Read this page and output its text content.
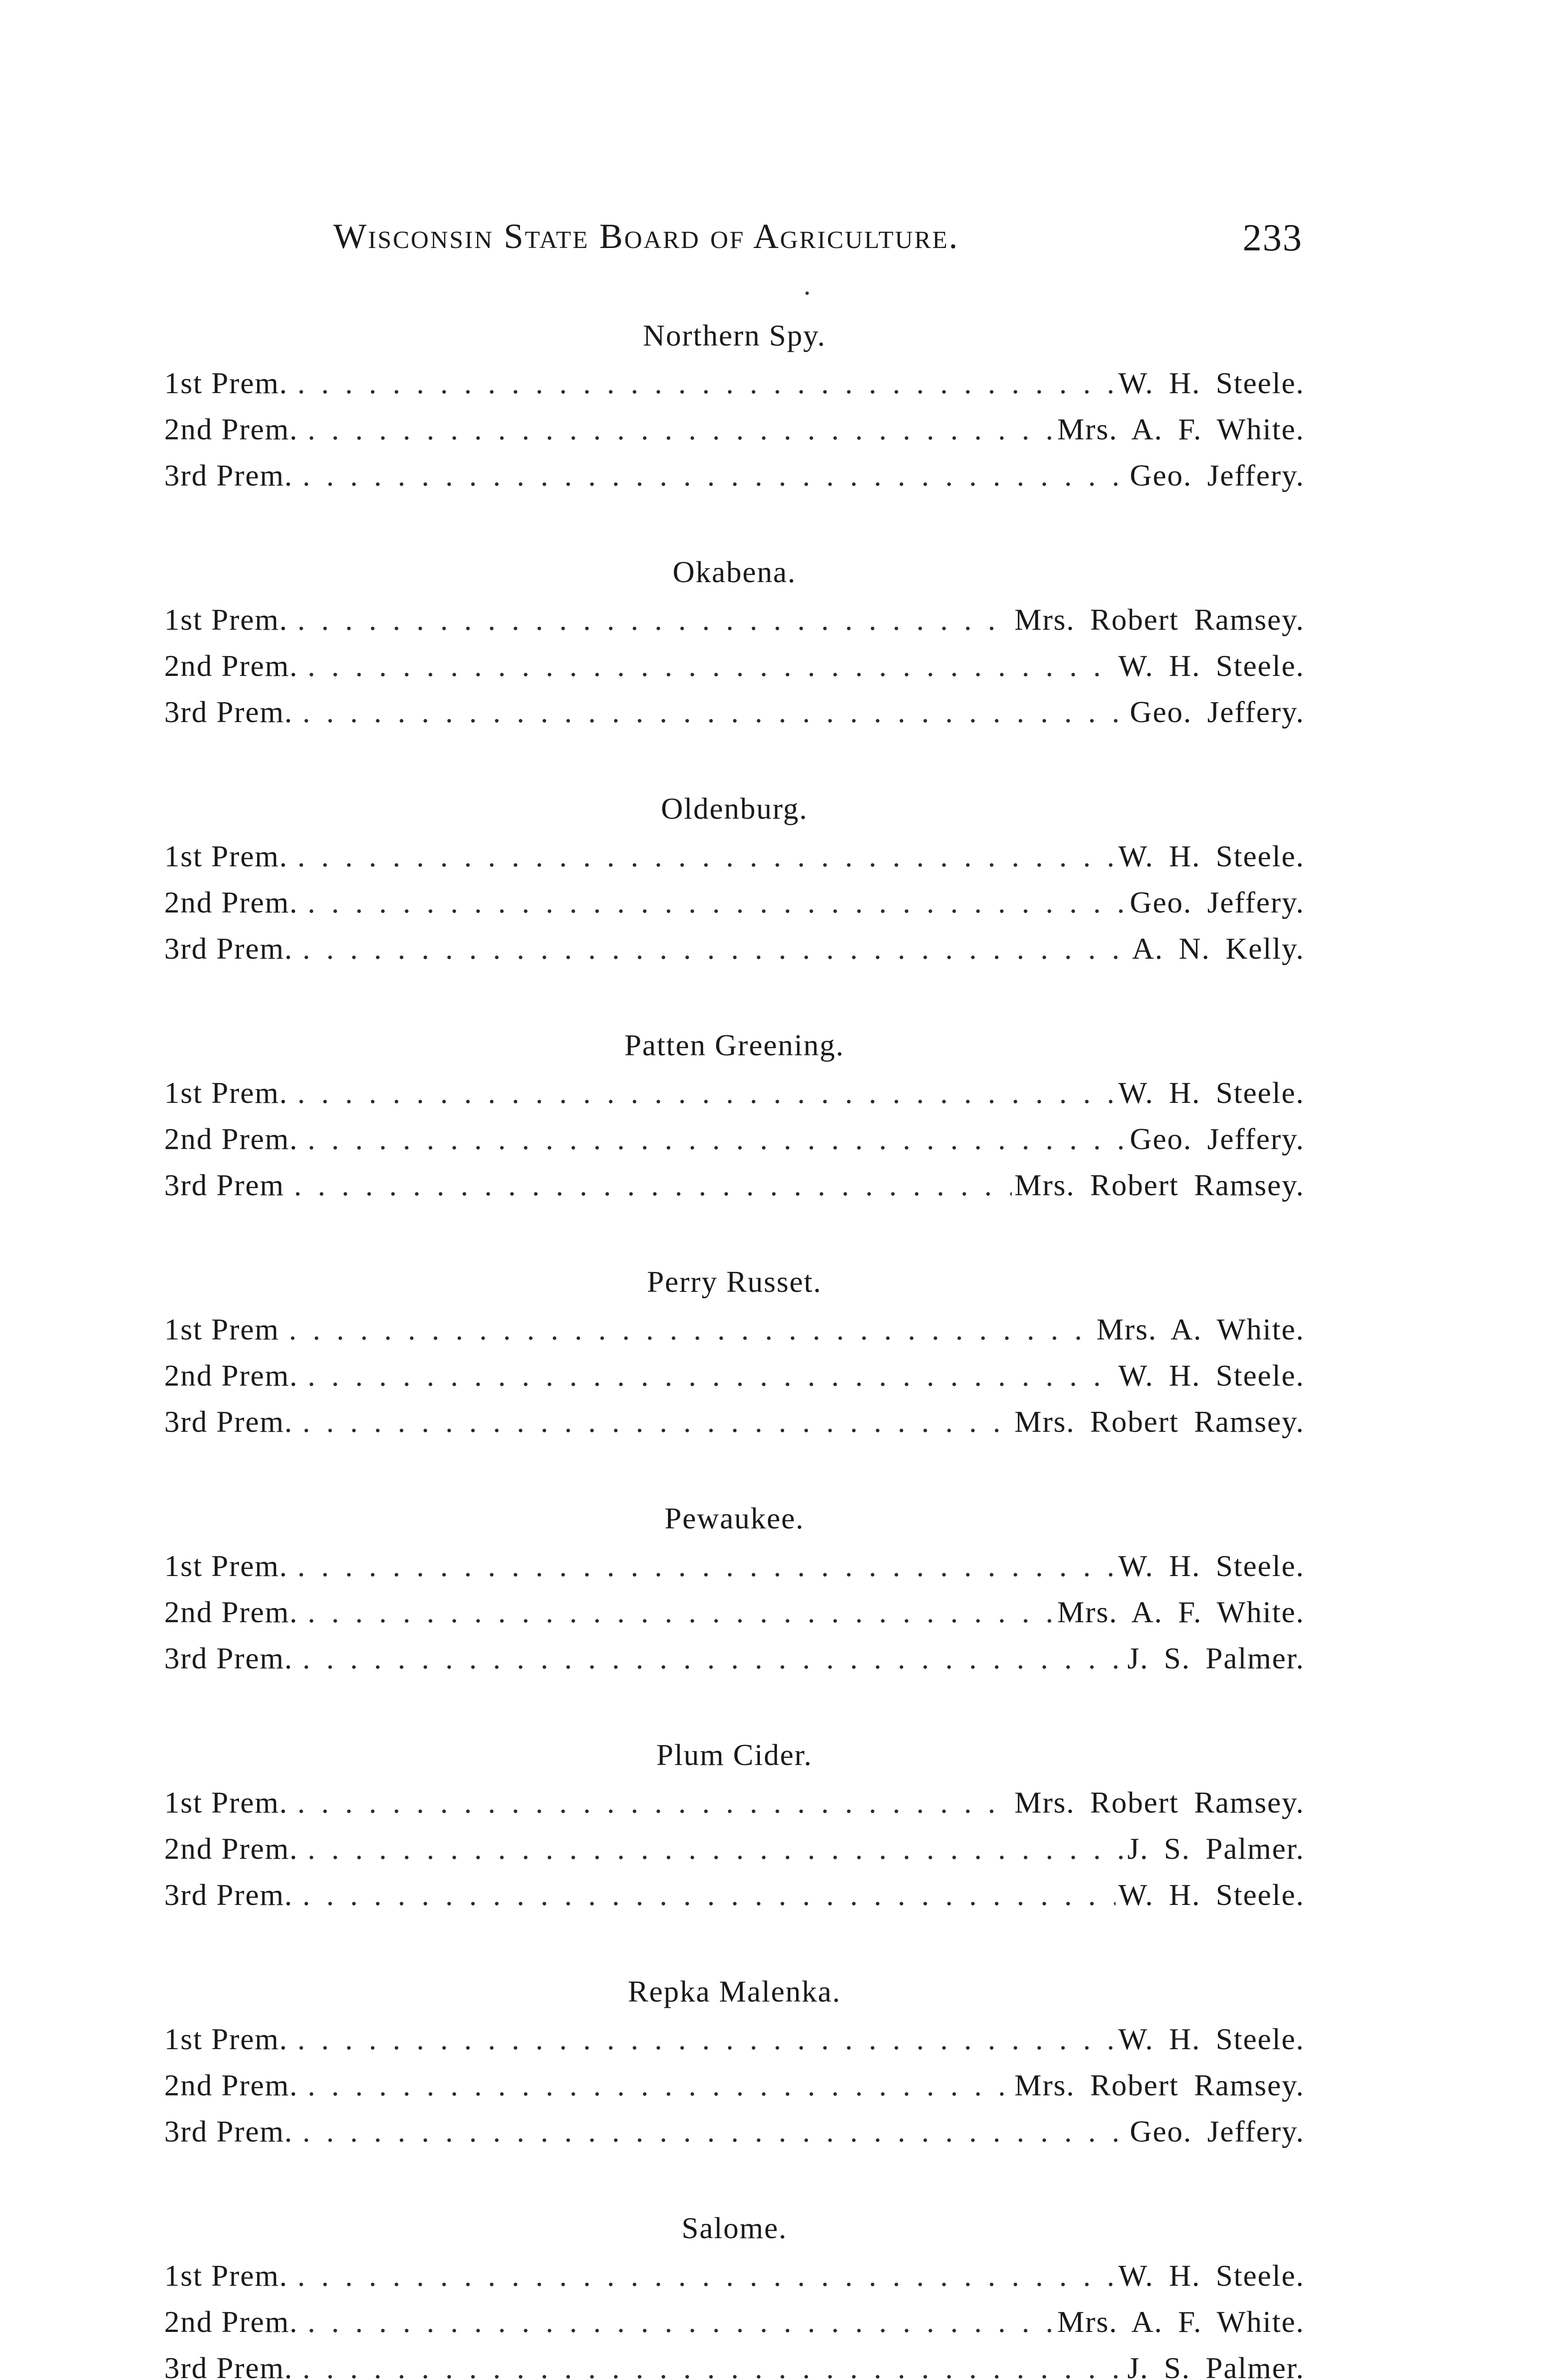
Wisconsin State Board of Agriculture.	233
•
Northern Spy.
1st Prem. . . .	W. H. Steele.
2nd Prem. . . .	Mrs. A. F. White.
3rd Prem. . . .	Geo. Jeffery.
Okabena.
1st Prem. . . .	Mrs. Robert Ramsey.
2nd Prem. . . .	W. H. Steele.
3rd Prem. . . .	Geo. Jeffery.
Oldenburg.
1st Prem. . . .	W. H. Steele.
2nd Prem. . . .	Geo. Jeffery.
3rd Prem. . . .	A. N. Kelly.
Patten Greening.
1st Prem. . . .	W. H. Steele.
2nd Prem. . . .	Geo. Jeffery.
3rd Prem . . .	Mrs. Robert Ramsey.
Perry Russet.
1st Prem . . .	Mrs. A. White.
2nd Prem. . . .	W. H. Steele.
3rd Prem. . . .	Mrs. Robert Ramsey.
Pewaukee.
1st Prem. . . .	W. H. Steele.
2nd Prem. . . .	Mrs. A. F. White.
3rd Prem. . . .	J. S. Palmer.
Plum Cider.
1st Prem. . . .	Mrs. Robert Ramsey.
2nd Prem. . . .	J. S. Palmer.
3rd Prem. . . .	W. H. Steele.
Repka Malenka.
1st Prem. . . .	W. H. Steele.
2nd Prem. . . .	Mrs. Robert Ramsey.
3rd Prem. . . .	Geo. Jeffery.
Salome.
1st Prem. . . .	W. H. Steele.
2nd Prem. . . .	Mrs. A. F. White.
3rd Prem. . . .	J. S. Palmer.
